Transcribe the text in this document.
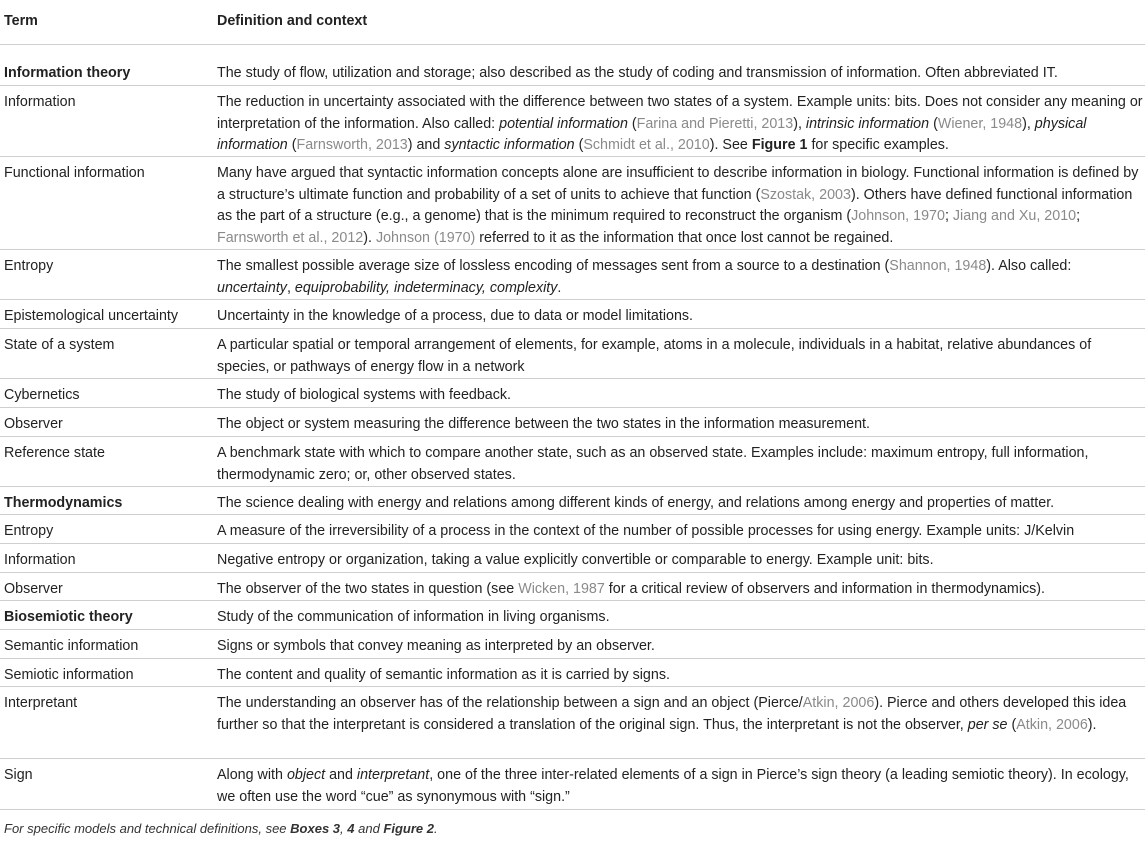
Term	Definition and context
Information theory	The study of flow, utilization and storage; also described as the study of coding and transmission of information. Often abbreviated IT.
Information	The reduction in uncertainty associated with the difference between two states of a system. Example units: bits. Does not consider any meaning or interpretation of the information. Also called: potential information (Farina and Pieretti, 2013), intrinsic information (Wiener, 1948), physical information (Farnsworth, 2013) and syntactic information (Schmidt et al., 2010). See Figure 1 for specific examples.
Functional information	Many have argued that syntactic information concepts alone are insufficient to describe information in biology. Functional information is defined by a structure’s ultimate function and probability of a set of units to achieve that function (Szostak, 2003). Others have defined functional information as the part of a structure (e.g., a genome) that is the minimum required to reconstruct the organism (Johnson, 1970; Jiang and Xu, 2010; Farnsworth et al., 2012). Johnson (1970) referred to it as the information that once lost cannot be regained.
Entropy	The smallest possible average size of lossless encoding of messages sent from a source to a destination (Shannon, 1948). Also called: uncertainty, equiprobability, indeterminacy, complexity.
Epistemological uncertainty	Uncertainty in the knowledge of a process, due to data or model limitations.
State of a system	A particular spatial or temporal arrangement of elements, for example, atoms in a molecule, individuals in a habitat, relative abundances of species, or pathways of energy flow in a network
Cybernetics	The study of biological systems with feedback.
Observer	The object or system measuring the difference between the two states in the information measurement.
Reference state	A benchmark state with which to compare another state, such as an observed state. Examples include: maximum entropy, full information, thermodynamic zero; or, other observed states.
Thermodynamics	The science dealing with energy and relations among different kinds of energy, and relations among energy and properties of matter.
Entropy	A measure of the irreversibility of a process in the context of the number of possible processes for using energy. Example units: J/Kelvin
Information	Negative entropy or organization, taking a value explicitly convertible or comparable to energy. Example unit: bits.
Observer	The observer of the two states in question (see Wicken, 1987 for a critical review of observers and information in thermodynamics).
Biosemiotic theory	Study of the communication of information in living organisms.
Semantic information	Signs or symbols that convey meaning as interpreted by an observer.
Semiotic information	The content and quality of semantic information as it is carried by signs.
Interpretant	The understanding an observer has of the relationship between a sign and an object (Pierce/Atkin, 2006). Pierce and others developed this idea further so that the interpretant is considered a translation of the original sign. Thus, the interpretant is not the observer, per se (Atkin, 2006).
Sign	Along with object and interpretant, one of the three inter-related elements of a sign in Pierce’s sign theory (a leading semiotic theory). In ecology, we often use the word “cue” as synonymous with “sign.”
For specific models and technical definitions, see Boxes 3, 4 and Figure 2.
